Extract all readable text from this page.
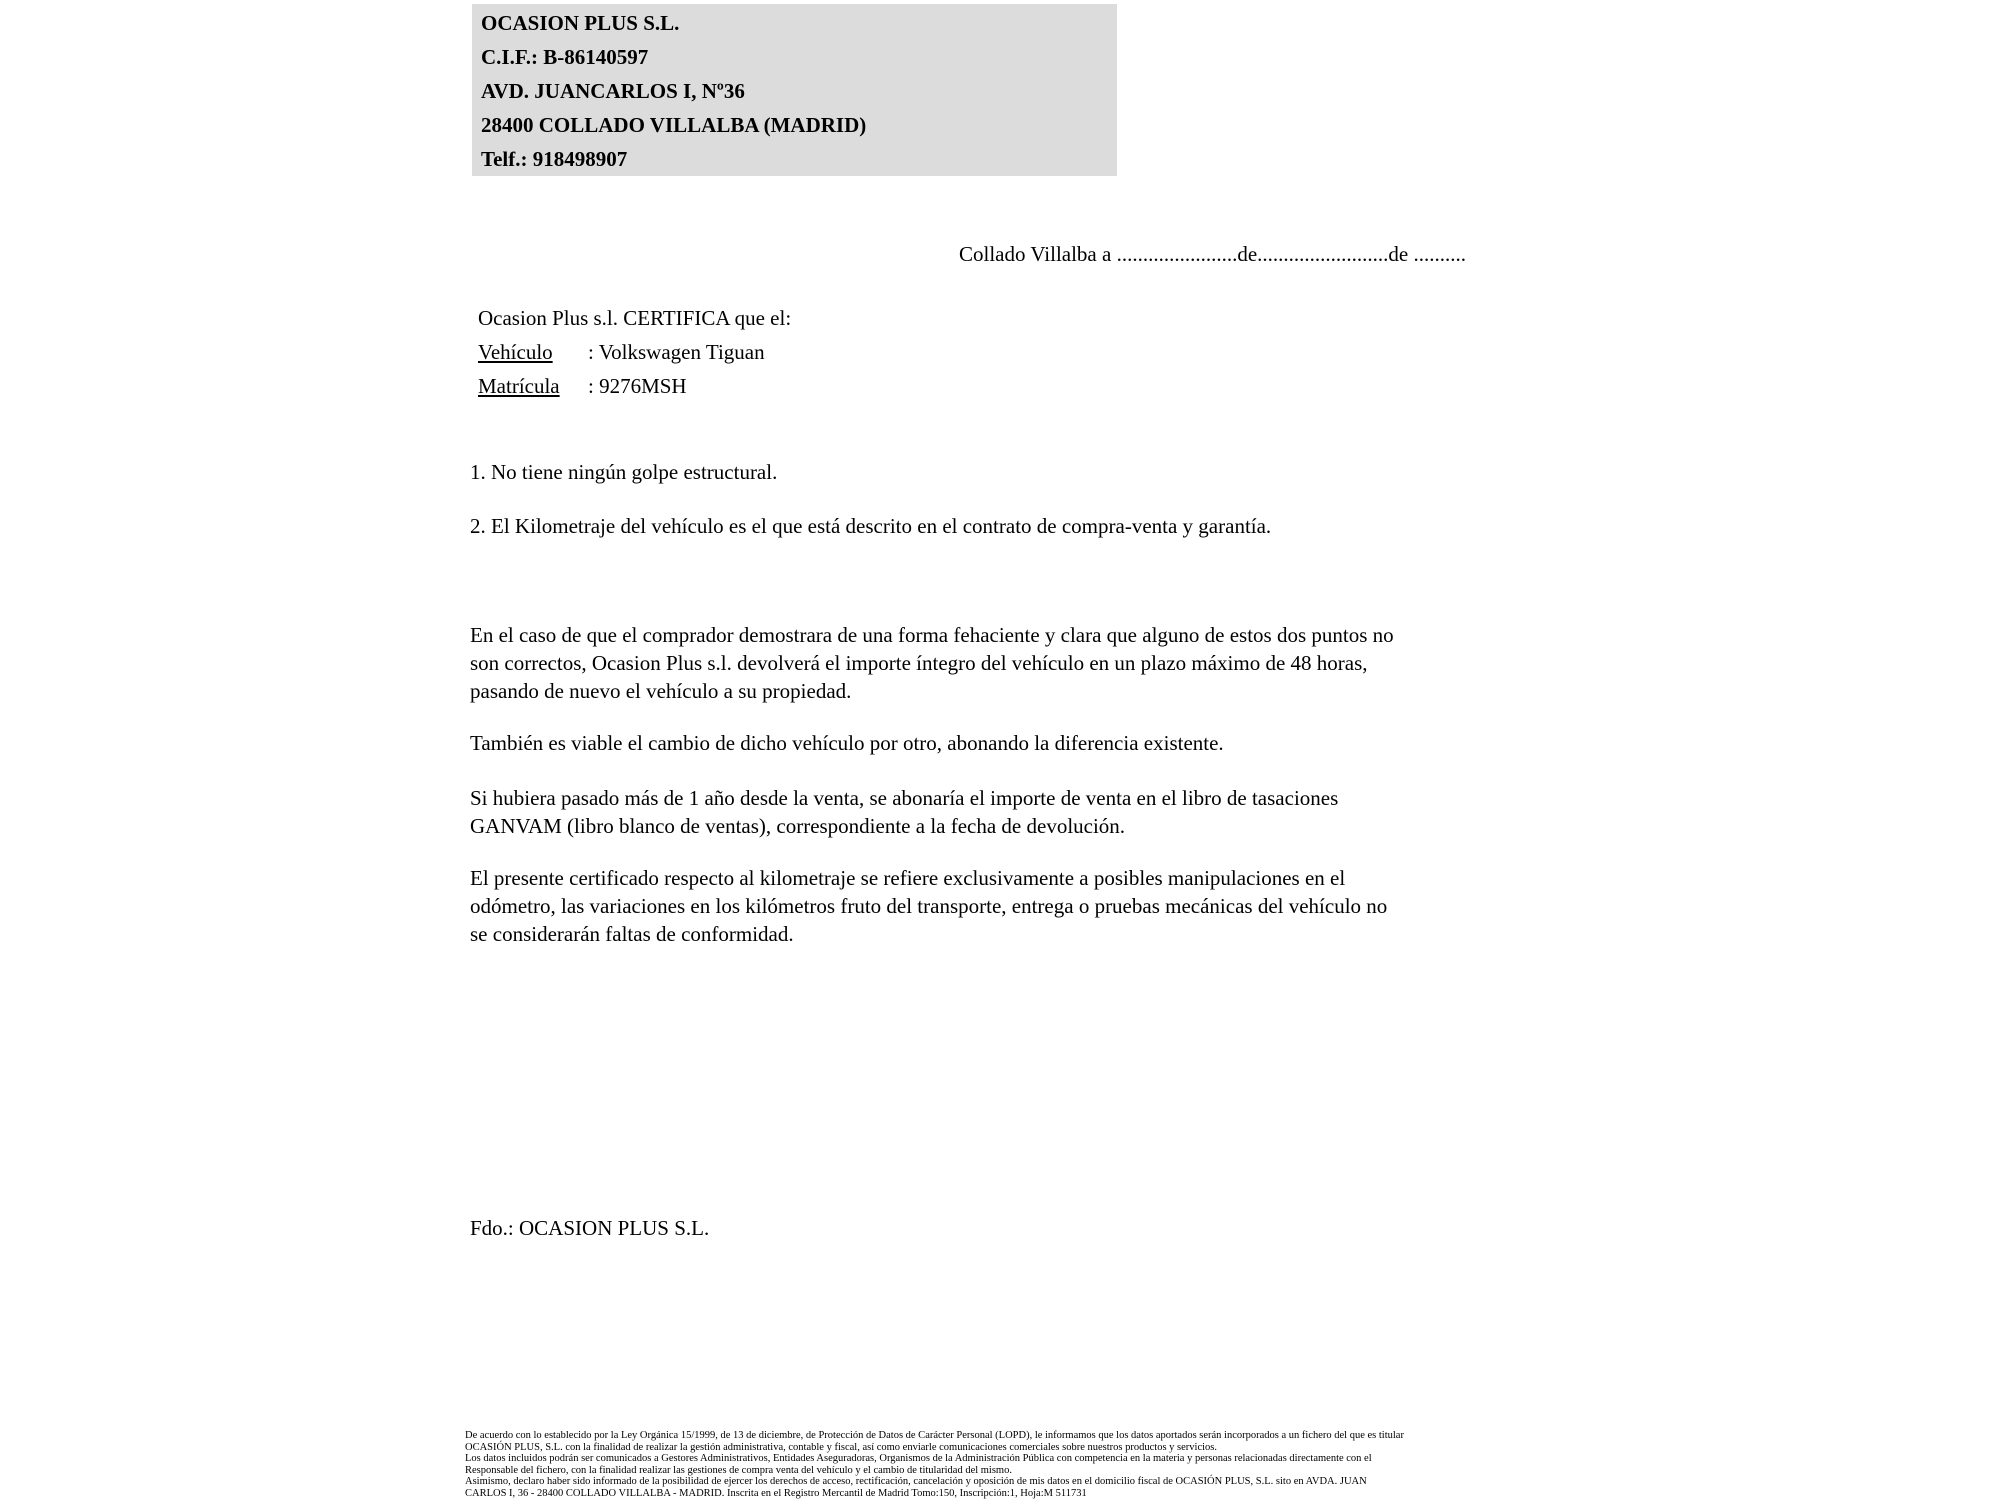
OCASION PLUS S.L.
C.I.F.: B-86140597
AVD. JUANCARLOS I, Nº36
28400 COLLADO VILLALBA (MADRID)
Telf.: 918498907
Collado Villalba a .......................de.........................de ..........
Ocasion Plus s.l. CERTIFICA que el:
Vehículo : Volkswagen Tiguan
Matrícula : 9276MSH
1. No tiene ningún golpe estructural.
2. El Kilometraje del vehículo es el que está descrito en el contrato de compra-venta y garantía.
En el caso de que el comprador demostrara de una forma fehaciente y clara que alguno de estos dos puntos no
son correctos, Ocasion Plus s.l. devolverá el importe íntegro del vehículo en un plazo máximo de 48 horas,
pasando de nuevo el vehículo a su propiedad.
También es viable el cambio de dicho vehículo por otro, abonando la diferencia existente.
Si hubiera pasado más de 1 año desde la venta, se abonaría el importe de venta en el libro de tasaciones
GANVAM (libro blanco de ventas), correspondiente a la fecha de devolución.
El presente certificado respecto al kilometraje se refiere exclusivamente a posibles manipulaciones en el
odómetro, las variaciones en los kilómetros fruto del transporte, entrega o pruebas mecánicas del vehículo no
se considerarán faltas de conformidad.
Fdo.: OCASION PLUS S.L.
De acuerdo con lo establecido por la Ley Orgánica 15/1999, de 13 de diciembre, de Protección de Datos de Carácter Personal (LOPD), le informamos que los datos aportados serán incorporados a un fichero del que es titular
OCASIÓN PLUS, S.L. con la finalidad de realizar la gestión administrativa, contable y fiscal, así como enviarle comunicaciones comerciales sobre nuestros productos y servicios.
Los datos incluidos podrán ser comunicados a Gestores Administrativos, Entidades Aseguradoras, Organismos de la Administración Pública con competencia en la materia y personas relacionadas directamente con el
Responsable del fichero, con la finalidad realizar las gestiones de compra venta del vehículo y el cambio de titularidad del mismo.
Asimismo, declaro haber sido informado de la posibilidad de ejercer los derechos de acceso, rectificación, cancelación y oposición de mis datos en el domicilio fiscal de OCASIÓN PLUS, S.L. sito en AVDA. JUAN
CARLOS I, 36 - 28400 COLLADO VILLALBA - MADRID. Inscrita en el Registro Mercantil de Madrid Tomo:150, Inscripción:1, Hoja:M 511731
